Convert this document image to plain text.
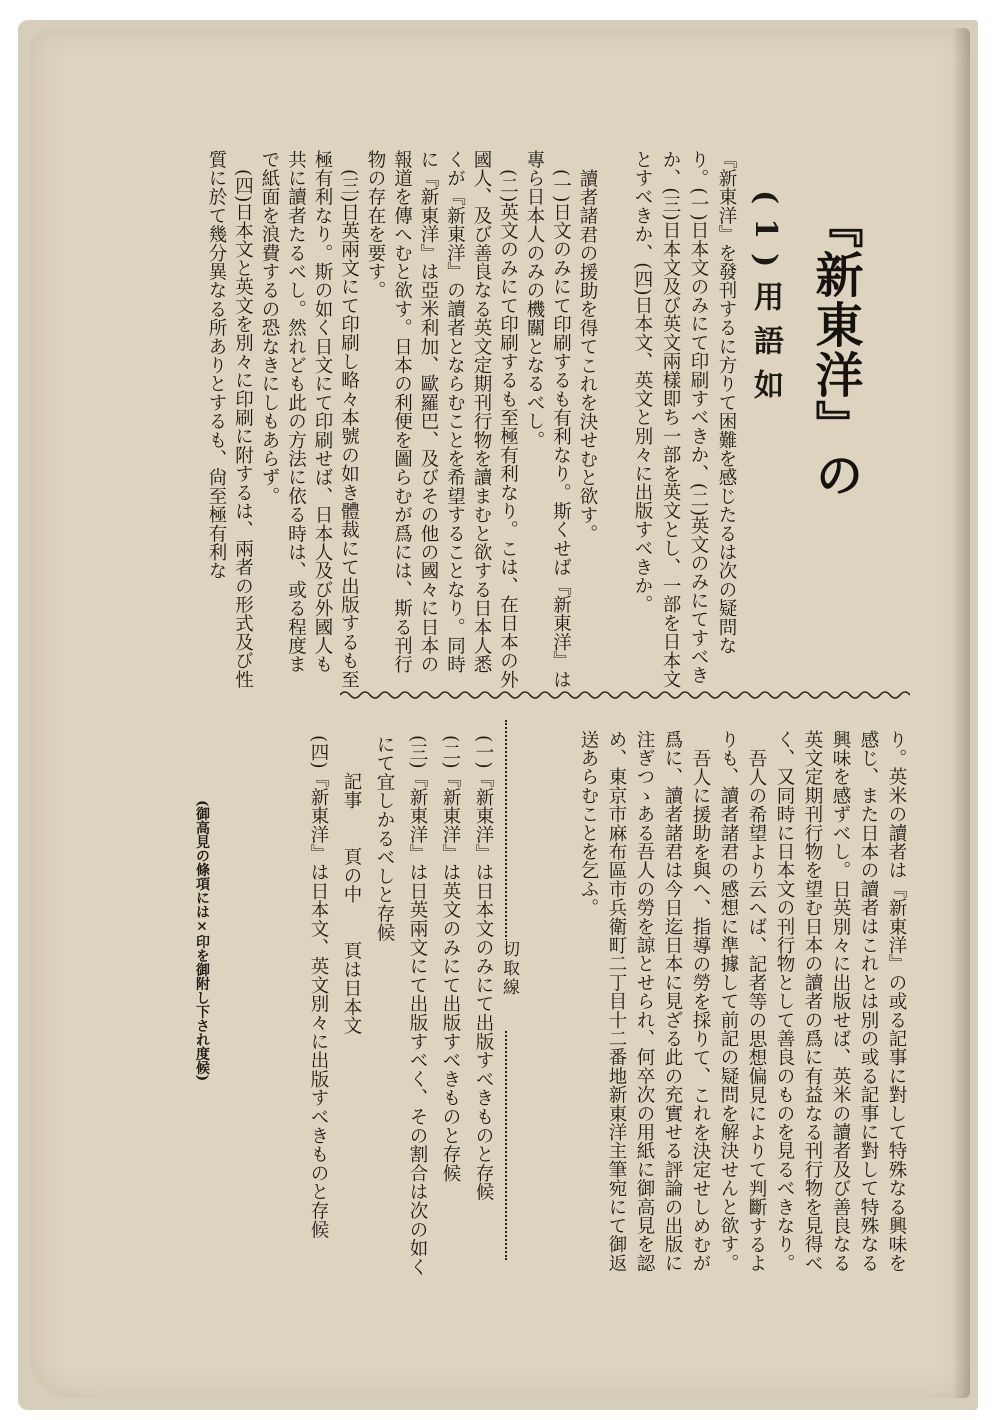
『新東洋』の
(1)用語如

『新東洋』を發刊するに方りて困難を感じたるは次の疑問なり。(一)日本文のみにて印刷すべきか、(二)英文のみにてすべきか、(三)日本文及び英文兩樣即ち一部を英文とし、一部を日本文とすべきか、(四)日本文、英文と別々に出版すべきか。

讀者諸君の援助を得てこれを決せむと欲す。

(一)日文のみにて印刷するも有利なり。斯くせば『新東洋』は專ら日本人のみの機關となるべし。

(二)英文のみにて印刷するも至極有利なり。こは、在日本の外國人、及び善良なる英文定期刊行物を讀まむと欲する日本人悉くが『新東洋』の讀者とならむことを希望することなり。同時に『新東洋』は亞米利加、歐羅巴、及びその他の國々に日本の報道を傳へむと欲す。日本の利便を圖らむが爲には、斯る刊行物の存在を要す。

(三)日英兩文にて印刷し略々本號の如き體裁にて出版するも至極有利なり。斯の如く日文にて印刷せば、日本人及び外國人も共に讀者たるべし。然れども此の方法に依る時は、或る程度まで紙面を浪費するの恐なきにしもあらず。

(四)日本文と英文を別々に印刷に附するは、兩者の形式及び性質に於て幾分異なる所ありとするも、尙至極有利な

り。英米の讀者は『新東洋』の或る記事に對して特殊なる興味を感じ、また日本の讀者はこれとは別の或る記事に對して特殊なる興味を感ずべし。日英別々に出版せば、英米の讀者及び善良なる英文定期刊行物を望む日本の讀者の爲に有益なる刊行物を見得べく、又同時に日本文の刊行物として善良のものを見るべきなり。

吾人の希望より云へば、記者等の思想偏見によりて判斷するよりも、讀者諸君の感想に準據して前記の疑問を解決せんと欲す。

吾人に援助を與へ、指導の勞を採りて、これを決定せしめむが爲に、讀者諸君は今日迄日本に見ざる此の充實せる評論の出版に注ぎつゝある吾人の勞を諒とせられ、何卒次の用紙に御高見を認め、東京市麻布區市兵衛町二丁目十二番地新東洋主筆宛にて御返送あらむことを乞ふ。

切取線
(一)『新東洋』は日本文のみにて出版すべきものと存候
(二)『新東洋』は英文のみにて出版すべきものと存候
(三)『新東洋』は日英兩文にて出版すべく、その割合は次の如くにて宜しかるべしと存候
記事　　頁の中　　頁は日本文
(四)『新東洋』は日本文、英文別々に出版すべきものと存候
(御高見の條項には×印を御附し下され度候)
